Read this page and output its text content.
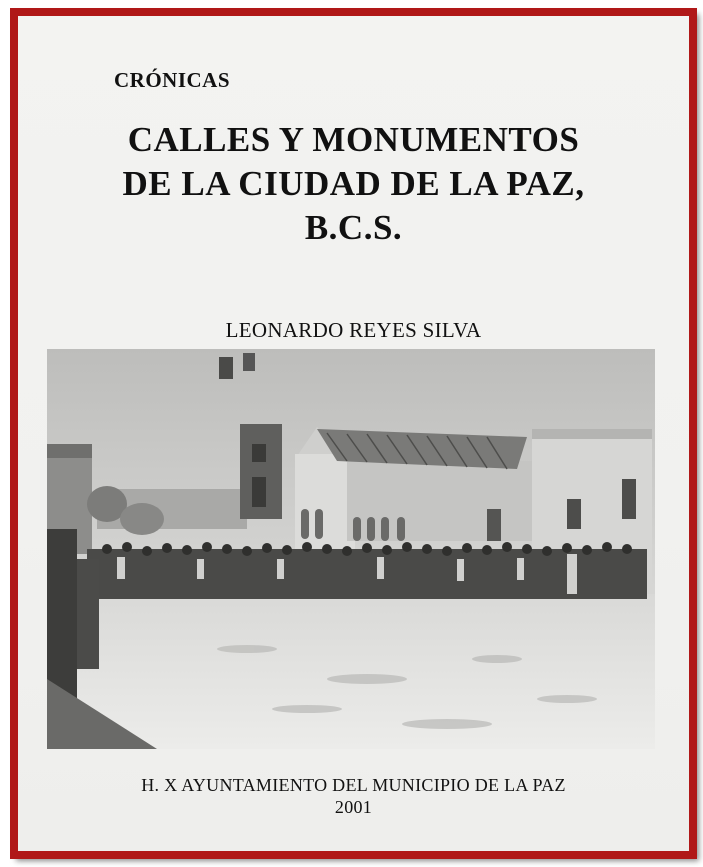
CRÓNICAS
CALLES Y MONUMENTOS
DE LA CIUDAD DE LA PAZ,
B.C.S.
LEONARDO REYES SILVA
H. X AYUNTAMIENTO DEL MUNICIPIO DE LA PAZ
2001
